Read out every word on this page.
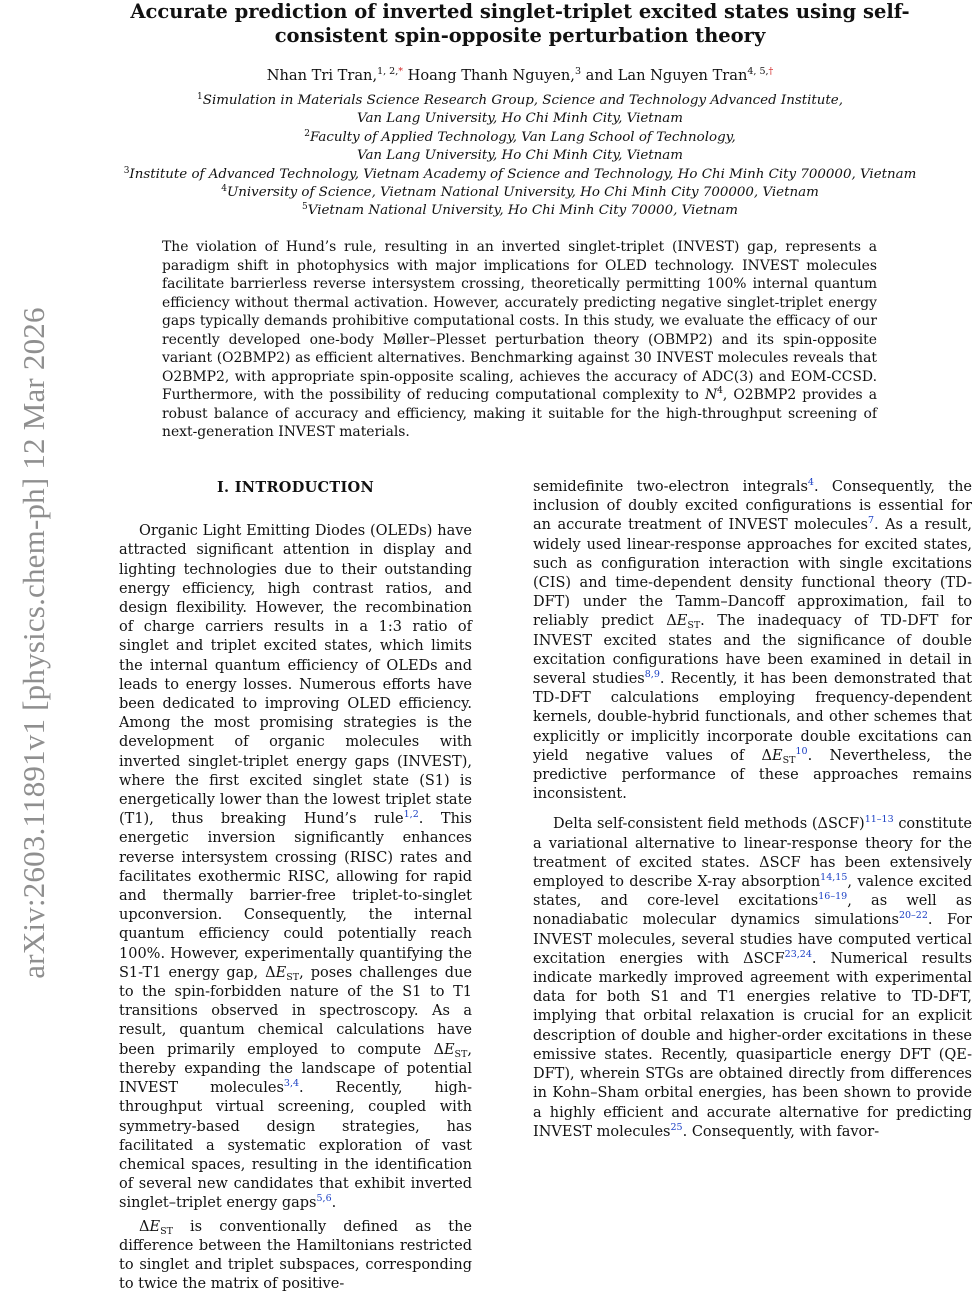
arXiv:2603.11891v1 [physics.chem-ph] 12 Mar 2026
Accurate prediction of inverted singlet-triplet excited states using self-consistent spin-opposite perturbation theory
Nhan Tri Tran,$^{1, 2,*}$ Hoang Thanh Nguyen,$^3$ and Lan Nguyen Tran$^{4, 5,\dagger}$
$^1$Simulation in Materials Science Research Group, Science and Technology Advanced Institute,
Van Lang University, Ho Chi Minh City, Vietnam
$^2$Faculty of Applied Technology, Van Lang School of Technology,
Van Lang University, Ho Chi Minh City, Vietnam
$^3$Institute of Advanced Technology, Vietnam Academy of Science and Technology, Ho Chi Minh City 700000, Vietnam
$^4$University of Science, Vietnam National University, Ho Chi Minh City 700000, Vietnam
$^5$Vietnam National University, Ho Chi Minh City 70000, Vietnam

The violation of Hund’s rule, resulting in an inverted singlet-triplet (INVEST) gap, represents a paradigm shift in photophysics with major implications for OLED technology. INVEST molecules facilitate barrierless reverse intersystem crossing, theoretically permitting 100% internal quantum efficiency without thermal activation. However, accurately predicting negative singlet-triplet energy gaps typically demands prohibitive computational costs. In this study, we evaluate the efficacy of our recently developed one-body Møller–Plesset perturbation theory (OBMP2) and its spin-opposite variant (O2BMP2) as efficient alternatives. Benchmarking against 30 INVEST molecules reveals that O2BMP2, with appropriate spin-opposite scaling, achieves the accuracy of ADC(3) and EOM-CCSD. Furthermore, with the possibility of reducing computational complexity to $N^4$, O2BMP2 provides a robust balance of accuracy and efficiency, making it suitable for the high-throughput screening of next-generation INVEST materials.

I. INTRODUCTION

Organic Light Emitting Diodes (OLEDs) have attracted significant attention in display and lighting technologies due to their outstanding energy efficiency, high contrast ratios, and design flexibility. However, the recombination of charge carriers results in a 1:3 ratio of singlet and triplet excited states, which limits the internal quantum efficiency of OLEDs and leads to energy losses. Numerous efforts have been dedicated to improving OLED efficiency. Among the most promising strategies is the development of organic molecules with inverted singlet-triplet energy gaps (INVEST), where the first excited singlet state (S1) is energetically lower than the lowest triplet state (T1), thus breaking Hund’s rule$^{1,2}$. This energetic inversion significantly enhances reverse intersystem crossing (RISC) rates and facilitates exothermic RISC, allowing for rapid and thermally barrier-free triplet-to-singlet upconversion. Consequently, the internal quantum efficiency could potentially reach 100%. However, experimentally quantifying the S1-T1 energy gap, $\Delta E_{ST}$, poses challenges due to the spin-forbidden nature of the S1 to T1 transitions observed in spectroscopy. As a result, quantum chemical calculations have been primarily employed to compute $\Delta E_{ST}$, thereby expanding the landscape of potential INVEST molecules$^{3,4}$. Recently, high-throughput virtual screening, coupled with symmetry-based design strategies, has facilitated a systematic exploration of vast chemical spaces, resulting in the identification of several new candidates that exhibit inverted singlet–triplet energy gaps$^{5,6}$.

$\Delta E_{ST}$ is conventionally defined as the difference between the Hamiltonians restricted to singlet and triplet subspaces, corresponding to twice the matrix of positive-

semidefinite two-electron integrals$^4$. Consequently, the inclusion of doubly excited configurations is essential for an accurate treatment of INVEST molecules$^7$. As a result, widely used linear-response approaches for excited states, such as configuration interaction with single excitations (CIS) and time-dependent density functional theory (TD-DFT) under the Tamm–Dancoff approximation, fail to reliably predict $\Delta E_{ST}$. The inadequacy of TD-DFT for INVEST excited states and the significance of double excitation configurations have been examined in detail in several studies$^{8,9}$. Recently, it has been demonstrated that TD-DFT calculations employing frequency-dependent kernels, double-hybrid functionals, and other schemes that explicitly or implicitly incorporate double excitations can yield negative values of $\Delta E_{ST}^{10}$. Nevertheless, the predictive performance of these approaches remains inconsistent.

Delta self-consistent field methods (ΔSCF)$^{11-13}$ constitute a variational alternative to linear-response theory for the treatment of excited states. ΔSCF has been extensively employed to describe X-ray absorption$^{14,15}$, valence excited states, and core-level excitations$^{16-19}$, as well as nonadiabatic molecular dynamics simulations$^{20-22}$. For INVEST molecules, several studies have computed vertical excitation energies with ΔSCF$^{23,24}$. Numerical results indicate markedly improved agreement with experimental data for both S1 and T1 energies relative to TD-DFT, implying that orbital relaxation is crucial for an explicit description of double and higher-order excitations in these emissive states. Recently, quasiparticle energy DFT (QE-DFT), wherein STGs are obtained directly from differences in Kohn–Sham orbital energies, has been shown to provide a highly efficient and accurate alternative for predicting INVEST molecules$^{25}$. Consequently, with favor-
